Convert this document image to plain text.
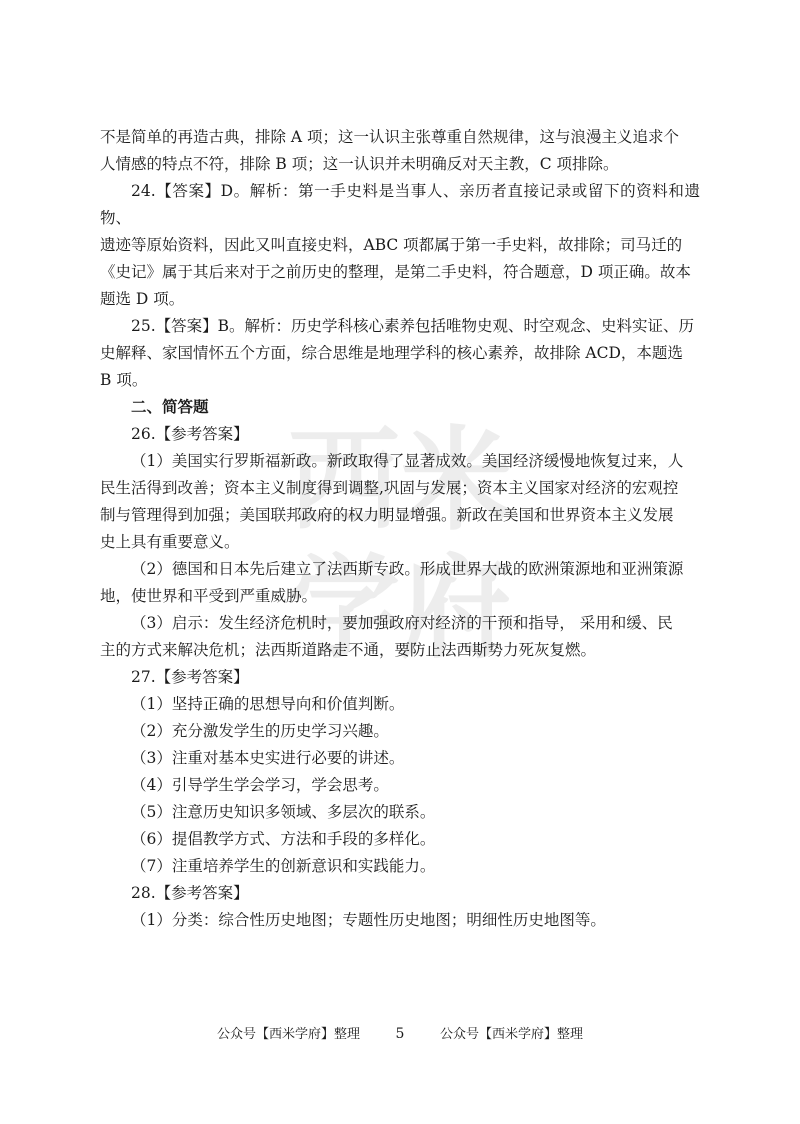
西 米
学 府

不是简单的再造古典，排除 A 项；这一认识主张尊重自然规律，这与浪漫主义追求个

人情感的特点不符，排除 B 项；这一认识并未明确反对天主教，C 项排除。

24.【答案】D。解析：第一手史料是当事人、亲历者直接记录或留下的资料和遗物、

遗迹等原始资料，因此又叫直接史料，ABC 项都属于第一手史料，故排除；司马迁的

《史记》属于其后来对于之前历史的整理，是第二手史料，符合题意，D 项正确。故本

题选 D 项。

25.【答案】B。解析：历史学科核心素养包括唯物史观、时空观念、史料实证、历

史解释、家国情怀五个方面，综合思维是地理学科的核心素养，故排除 ACD，本题选

B 项。

二、简答题

26.【参考答案】

（1）美国实行罗斯福新政。新政取得了显著成效。美国经济缓慢地恢复过来，人

民生活得到改善；资本主义制度得到调整,巩固与发展；资本主义国家对经济的宏观控

制与管理得到加强；美国联邦政府的权力明显增强。新政在美国和世界资本主义发展

史上具有重要意义。

（2）德国和日本先后建立了法西斯专政。形成世界大战的欧洲策源地和亚洲策源

地，使世界和平受到严重威胁。

（3）启示：发生经济危机时，要加强政府对经济的干预和指导， 采用和缓、民

主的方式来解决危机；法西斯道路走不通，要防止法西斯势力死灰复燃。

27.【参考答案】

（1）坚持正确的思想导向和价值判断。

（2）充分激发学生的历史学习兴趣。

（3）注重对基本史实进行必要的讲述。

（4）引导学生学会学习，学会思考。

（5）注意历史知识多领域、多层次的联系。

（6）提倡教学方式、方法和手段的多样化。

（7）注重培养学生的创新意识和实践能力。

28.【参考答案】

（1）分类：综合性历史地图；专题性历史地图；明细性历史地图等。

公众号【西米学府】整理	5	公众号【西米学府】整理
